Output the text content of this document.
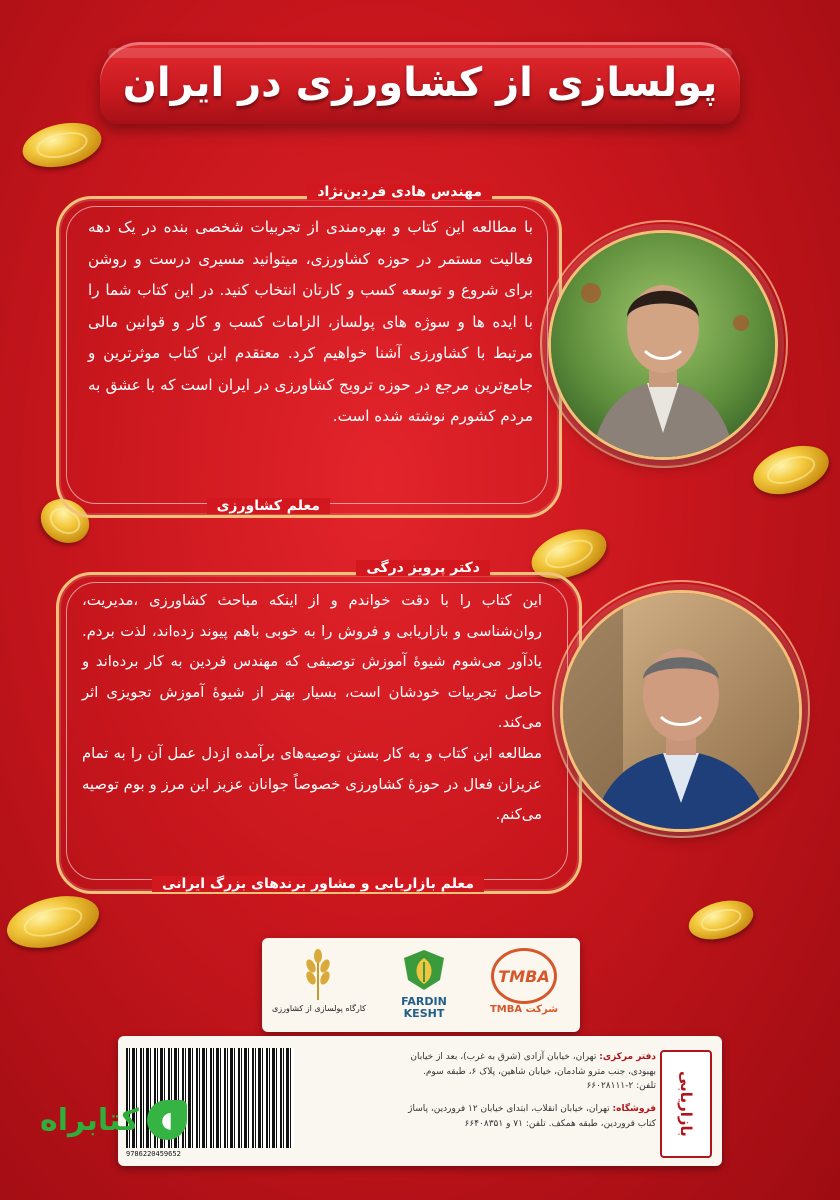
پولسازی از کشاورزی در ایران
مهندس هادی فردین‌نژاد

با مطالعه این کتاب و بهره‌مندی از تجربیات شخصی بنده در یک دهه فعالیت مستمر در حوزه کشاورزی، میتوانید مسیری درست و روشن برای شروع و توسعه کسب و کارتان انتخاب کنید. در این کتاب شما را با ایده ها و سوژه های پولساز، الزامات کسب و کار و قوانین مالی مرتبط با کشاورزی آشنا خواهیم کرد. معتقدم این کتاب موثرترین و جامع‌ترین مرجع در حوزه ترویج کشاورزی در ایران است که با عشق به مردم کشورم نوشته شده است.

معلم کشاورزی
دکتر پرویز درگی

این کتاب را با دقت خواندم و از اینکه مباحث کشاورزی ،مدیریت، روان‌شناسی و بازاریابی و فروش را به خوبی باهم پیوند زده‌اند، لذت بردم. یادآور می‌شوم شیوهٔ آموزش توصیفی که مهندس فردین به کار برده‌اند و حاصل تجربیات خودشان است، بسیار بهتر از شیوهٔ آموزش تجویزی اثر می‌کند.

مطالعه این کتاب و به کار بستن توصیه‌های برآمده ازدل عمل آن را به تمام عزیزان فعال در حوزهٔ کشاورزی خصوصاً جوانان عزیز این مرز و بوم توصیه می‌کنم.

معلم بازاریابی و مشاور برندهای بزرگ ایرانی
کارگاه پولسازی از کشاورزی
FARDIN
KESHT
TMBA
TMBA شرکت
9786220459652
دفتر مرکزی: تهران، خیابان آزادی (شرق به غرب)، بعد از خیابان بهبودی، جنب مترو شادمان، خیابان شاهین، پلاک ۶، طبقه سوم. تلفن: ۲-۶۶۰۲۸۱۱۱
فروشگاه: تهران، خیابان انقلاب، ابتدای خیابان ۱۲ فروردین، پاساژ کتاب فروردین، طبقه همکف. تلفن: ۷۱ و ۶۶۴۰۸۳۵۱ بازاریابی
کتابراه	◖
